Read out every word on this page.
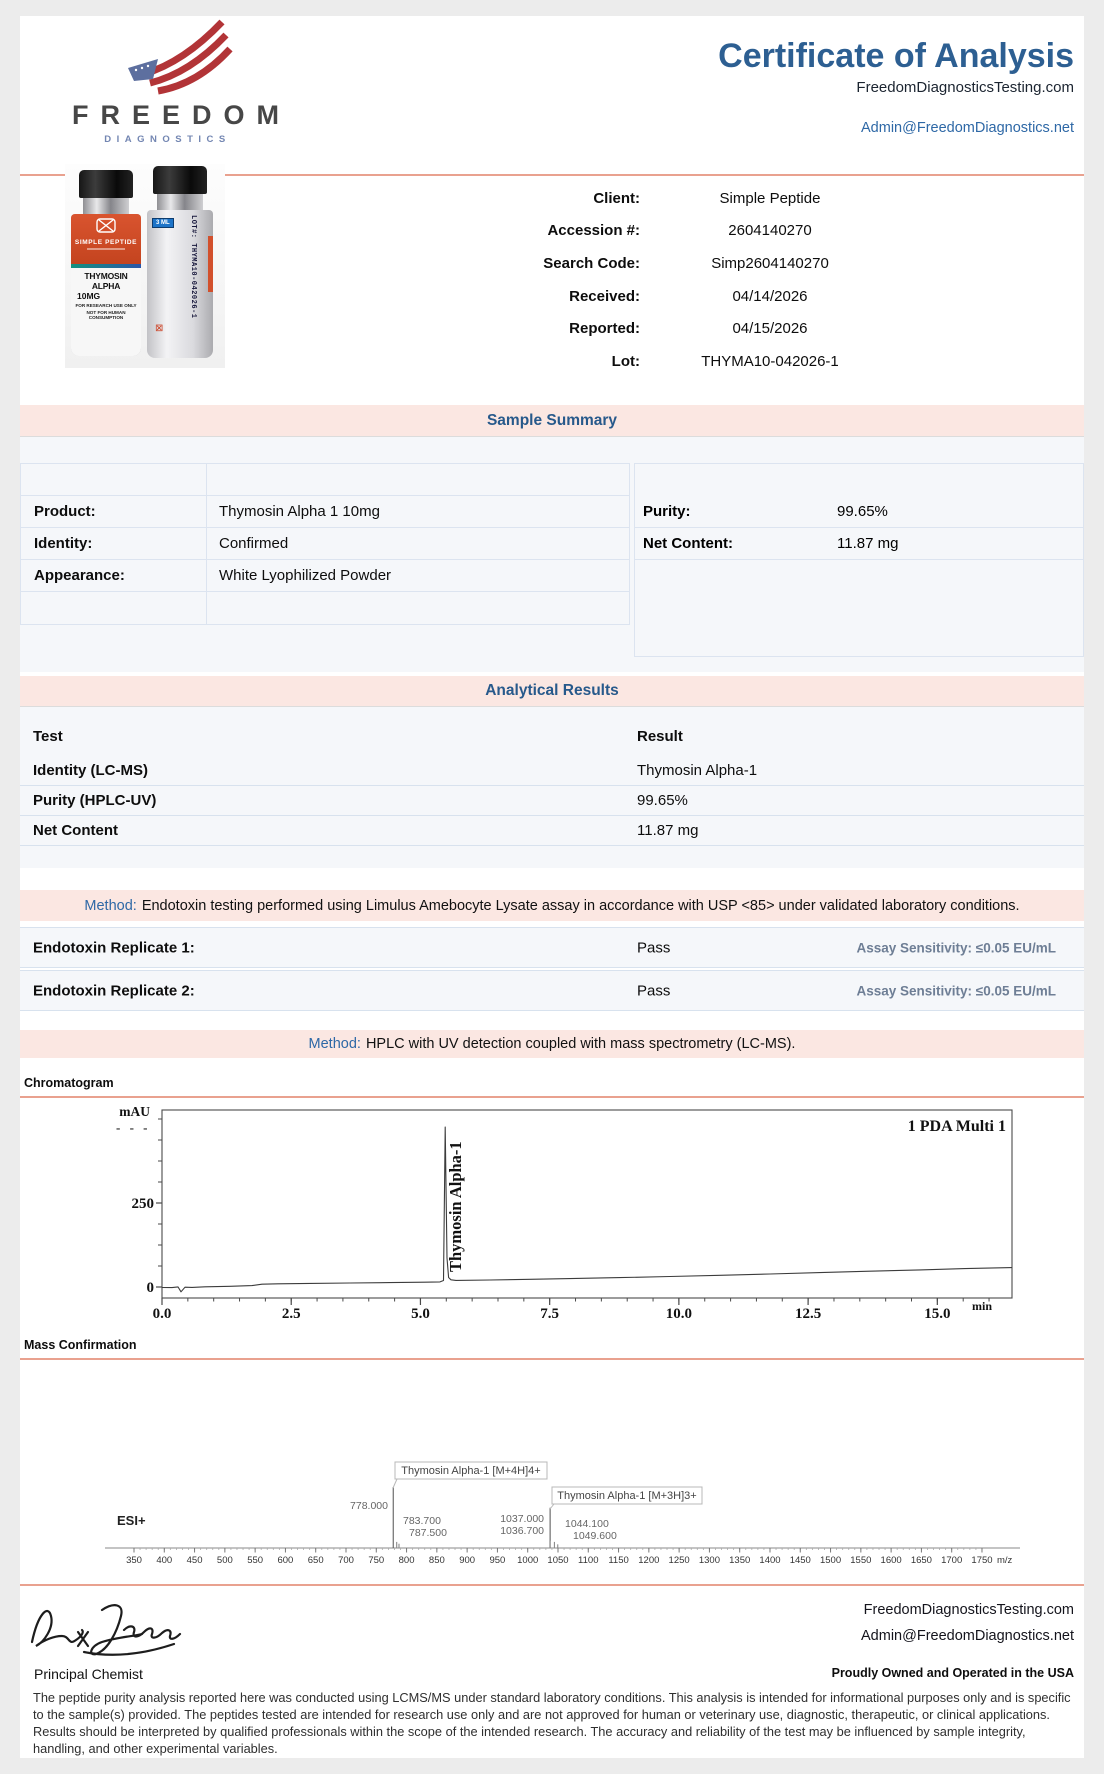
FREEDOM
DIAGNOSTICS
Certificate of Analysis
FreedomDiagnosticsTesting.com
Admin@FreedomDiagnostics.net
SIMPLE PEPTIDE
THYMOSIN ALPHA
10MG
FOR RESEARCH USE ONLY
NOT FOR HUMAN CONSUMPTION
3 ML	LOT#: THYMA10-042026-1
⊠
Client:	Simple Peptide
Accession #:	2604140270
Search Code:	Simp2604140270
Received:	04/14/2026
Reported:	04/15/2026
Lot:	THYMA10-042026-1
Sample Summary
Product:	Thymosin Alpha 1 10mg
Identity:	Confirmed
Appearance:	White Lyophilized Powder
Purity:	99.65%
Net Content:	11.87 mg
Analytical Results
Test	Result
Identity (LC-MS)	Thymosin Alpha-1
Purity (HPLC-UV)	99.65%
Net Content	11.87 mg
Method: Endotoxin testing performed using Limulus Amebocyte Lysate assay in accordance with USP <85> under validated laboratory conditions.
Endotoxin Replicate 1:	Pass	Assay Sensitivity: ≤0.05 EU/mL
Endotoxin Replicate 2:	Pass	Assay Sensitivity: ≤0.05 EU/mL
Method: HPLC with UV detection coupled with mass spectrometry (LC-MS).
Chromatogram
mAU
- - -
250
0
0.0	2.5	5.0	7.5	10.0	12.5	15.0 min
1 PDA Multi 1
Thymosin Alpha-1
Mass Confirmation
ESI+
350 400 450 500 550 600 650 700 750 800 850 900 950 1000 1050 1100 1150 1200 1250 1300 1350 1400 1450 1500 1550 1600 1650 1700 1750 m/z
778.000
783.700
787.500
1037.000
1036.700
1044.100
1049.600
Thymosin Alpha-1 [M+4H]4+
Thymosin Alpha-1 [M+3H]3+
Principal Chemist
FreedomDiagnosticsTesting.com
Admin@FreedomDiagnostics.net
Proudly Owned and Operated in the USA
The peptide purity analysis reported here was conducted using LCMS/MS under standard laboratory conditions. This analysis is intended for informational purposes only and is specific to the sample(s) provided. The peptides tested are intended for research use only and are not approved for human or veterinary use, diagnostic, therapeutic, or clinical applications. Results should be interpreted by qualified professionals within the scope of the intended research. The accuracy and reliability of the test may be influenced by sample integrity, handling, and other experimental variables.
